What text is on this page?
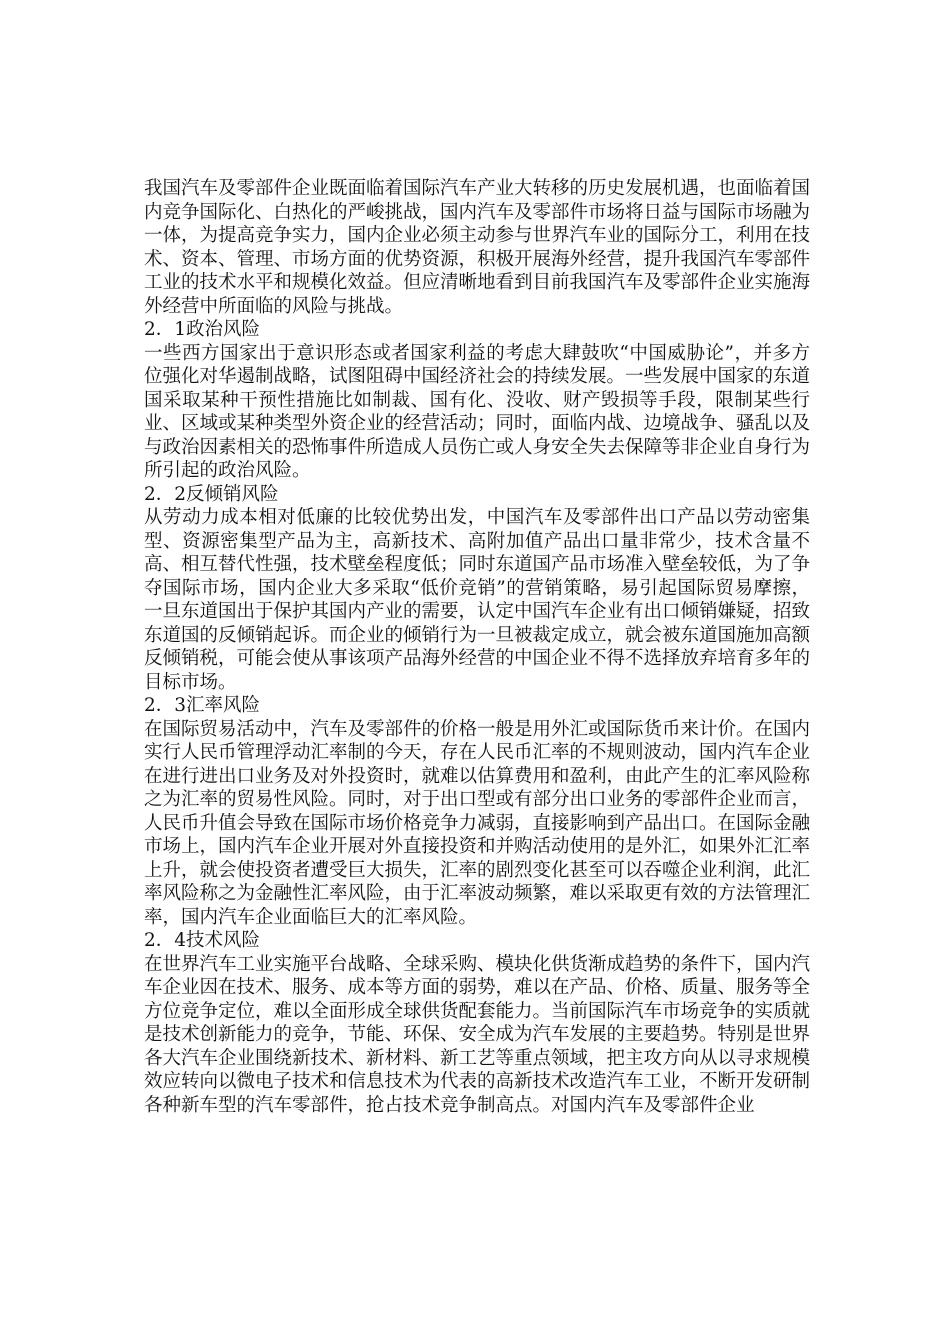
我国汽车及零部件企业既面临着国际汽车产业大转移的历史发展机遇，也面临着国内竞争国际化、白热化的严峻挑战，国内汽车及零部件市场将日益与国际市场融为一体，为提高竞争实力，国内企业必须主动参与世界汽车业的国际分工，利用在技术、资本、管理、市场方面的优势资源，积极开展海外经营，提升我国汽车零部件工业的技术水平和规模化效益。但应清晰地看到目前我国汽车及零部件企业实施海外经营中所面临的风险与挑战。

2．1政治风险

一些西方国家出于意识形态或者国家利益的考虑大肆鼓吹“中国威胁论”，并多方位强化对华遏制战略，试图阻碍中国经济社会的持续发展。一些发展中国家的东道国采取某种干预性措施比如制裁、国有化、没收、财产毁损等手段，限制某些行业、区域或某种类型外资企业的经营活动；同时，面临内战、边境战争、骚乱以及与政治因素相关的恐怖事件所造成人员伤亡或人身安全失去保障等非企业自身行为所引起的政治风险。

2．2反倾销风险

从劳动力成本相对低廉的比较优势出发，中国汽车及零部件出口产品以劳动密集型、资源密集型产品为主，高新技术、高附加值产品出口量非常少，技术含量不高、相互替代性强，技术壁垒程度低；同时东道国产品市场准入壁垒较低，为了争夺国际市场，国内企业大多采取“低价竞销”的营销策略，易引起国际贸易摩擦，一旦东道国出于保护其国内产业的需要，认定中国汽车企业有出口倾销嫌疑，招致东道国的反倾销起诉。而企业的倾销行为一旦被裁定成立，就会被东道国施加高额反倾销税，可能会使从事该项产品海外经营的中国企业不得不选择放弃培育多年的目标市场。

2．3汇率风险

在国际贸易活动中，汽车及零部件的价格一般是用外汇或国际货币来计价。在国内实行人民币管理浮动汇率制的今天，存在人民币汇率的不规则波动，国内汽车企业在进行进出口业务及对外投资时，就难以估算费用和盈利，由此产生的汇率风险称之为汇率的贸易性风险。同时，对于出口型或有部分出口业务的零部件企业而言，人民币升值会导致在国际市场价格竞争力减弱，直接影响到产品出口。在国际金融市场上，国内汽车企业开展对外直接投资和并购活动使用的是外汇，如果外汇汇率上升，就会使投资者遭受巨大损失，汇率的剧烈变化甚至可以吞噬企业利润，此汇率风险称之为金融性汇率风险，由于汇率波动频繁，难以采取更有效的方法管理汇率，国内汽车企业面临巨大的汇率风险。

2．4技术风险

在世界汽车工业实施平台战略、全球采购、模块化供货渐成趋势的条件下，国内汽车企业因在技术、服务、成本等方面的弱势，难以在产品、价格、质量、服务等全方位竞争定位，难以全面形成全球供货配套能力。当前国际汽车市场竞争的实质就是技术创新能力的竞争，节能、环保、安全成为汽车发展的主要趋势。特别是世界各大汽车企业围绕新技术、新材料、新工艺等重点领域，把主攻方向从以寻求规模效应转向以微电子技术和信息技术为代表的高新技术改造汽车工业，不断开发研制各种新车型的汽车零部件，抢占技术竞争制高点。对国内汽车及零部件企业
